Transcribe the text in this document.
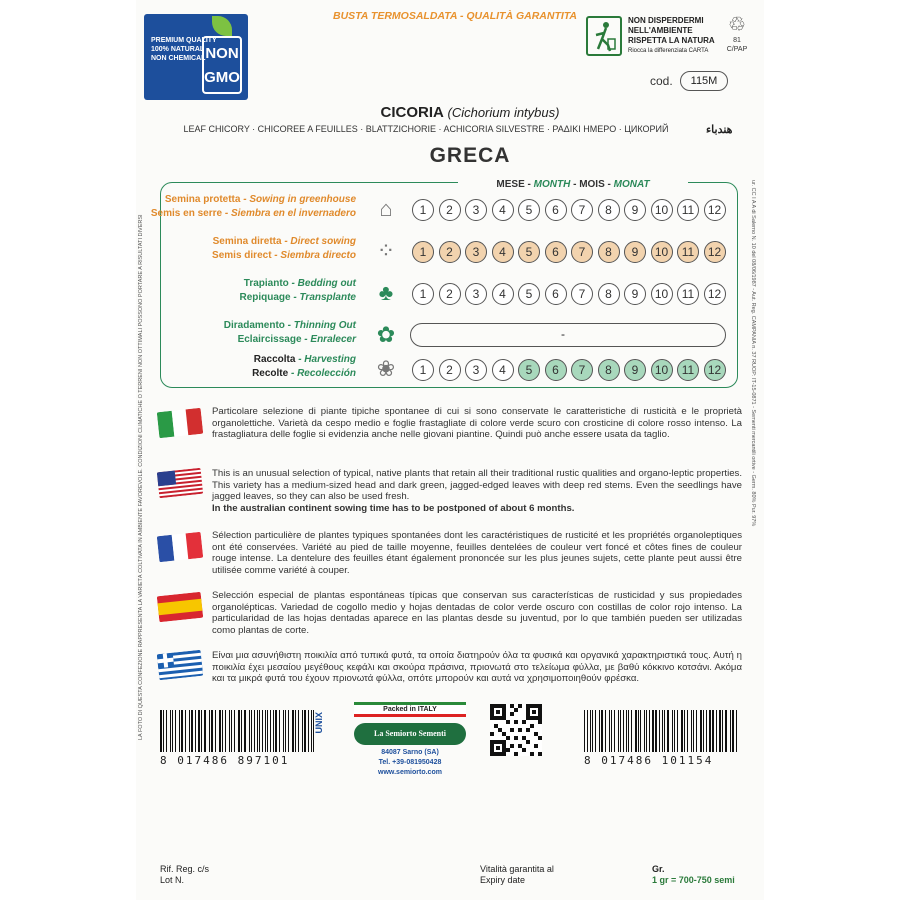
PREMIUM QUALITY
100% NATURAL
NON CHEMICAL NON
GMO
BUSTA TERMOSALDATA - QUALITÀ GARANTITA	NON DISPERDERMI
NELL'AMBIENTE
RISPETTA LA NATURA
Riocca la differenziata CARTA
♲
81
C/PAP
cod.	115M
CICORIA (Cichorium intybus)
LEAF CHICORY · CHICOREE A FEUILLES · BLATTZICHORIE · ACHICORIA SILVESTRE · ΡΑΔΙΚΙ ΗΜΕΡΟ · ЦИКОРИЙ	هندباء
GRECA
MESE - MONTH - MOIS - MONAT
Semina protetta - Sowing in greenhouse
Semis en serre - Siembra en el invernadero	⌂	1	2	3	4	5	6	7	8	9	10	11	12
Semina diretta - Direct sowing
Semis direct - Siembra directo ⁘	1	2	3	4	5	6	7	8	9	10	11	12
Trapianto - Bedding out
Repiquage - Transplante	♣	1	2	3	4	5	6	7	8	9	10	11	12
Diradamento - Thinning Out
Eclaircissage - Enralecer ✿	-
Raccolta - Harvesting
Recolte - Recolección ❀	1	2	3	4	5	6	7	8	9	10	11	12
LA FOTO DI QUESTA CONFEZIONE RAPPRESENTA LA VARIETÀ COLTIVATA IN AMBIENTE FAVOREVOLE. CONDIZIONI CLIMATICHE O TERRENI NON OTTIMALI POSSONO PORTARE A RISULTATI DIVERSI	ur. CC I A A di Salerno N. 10 del 08/06/1987 - Aut. Reg. CAMPANIA n. 37 RUOP: IT-15-0871 - Sementi mercantili ortive - Germ. 80% Pur. 97%
Particolare selezione di piante tipiche spontanee di cui si sono conservate le caratteristiche di rusticità e le proprietà organolettiche. Varietà da cespo medio e foglie frastagliate di colore verde scuro con crosticine di colore rosso intenso. La frastagliatura delle foglie si evidenzia anche nelle giovani piantine. Quindi può anche essere usata da taglio.
This is an unusual selection of typical, native plants that retain all their traditional rustic qualities and organo-leptic properties. This variety has a medium-sized head and dark green, jagged-edged leaves with deep red stems. Even the seedlings have jagged leaves, so they can also be used fresh.
In the australian continent sowing time has to be postponed of about 6 months.
Sélection particulière de plantes typiques spontanées dont les caractéristiques de rusticité et les propriétés organoleptiques ont été conservées. Variété au pied de taille moyenne, feuilles dentelées de couleur vert foncé et côtes fines de couleur rouge intense. La dentelure des feuilles étant également prononcée sur les plus jeunes sujets, cette plante peut aussi être utilisée comme variété à couper.
Selección especial de plantas espontáneas típicas que conservan sus características de rusticidad y sus propiedades organolépticas. Variedad de cogollo medio y hojas dentadas de color verde oscuro con costillas de color rojo intenso. La particularidad de las hojas dentadas aparece en las plantas desde su juventud, por lo que también pueden ser utilizadas como plantas de corte.
Είναι μια ασυνήθιστη ποικιλία από τυπικά φυτά, τα οποία διατηρούν όλα τα φυσικά και οργανικά χαρακτηριστικά τους. Αυτή η ποικιλία έχει μεσαίου μεγέθους κεφάλι και σκούρα πράσινα, πριονωτά στο τελείωμα φύλλα, με βαθύ κόκκινο κοτσάνι. Ακόμα και τα μικρά φυτά του έχουν πριονωτά φύλλα, οπότε μπορούν και αυτά να χρησιμοποιηθούν φρέσκα.
8 017486 897101
UNIX
Packed in ITALY
La Semiorto Sementi
84087 Sarno (SA)
Tel. +39-081950428
www.semiorto.com
8 017486 101154
Rif. Reg. c/s
Lot N.
Vitalità garantita al
Expiry date
Gr.
1 gr = 700-750 semi
